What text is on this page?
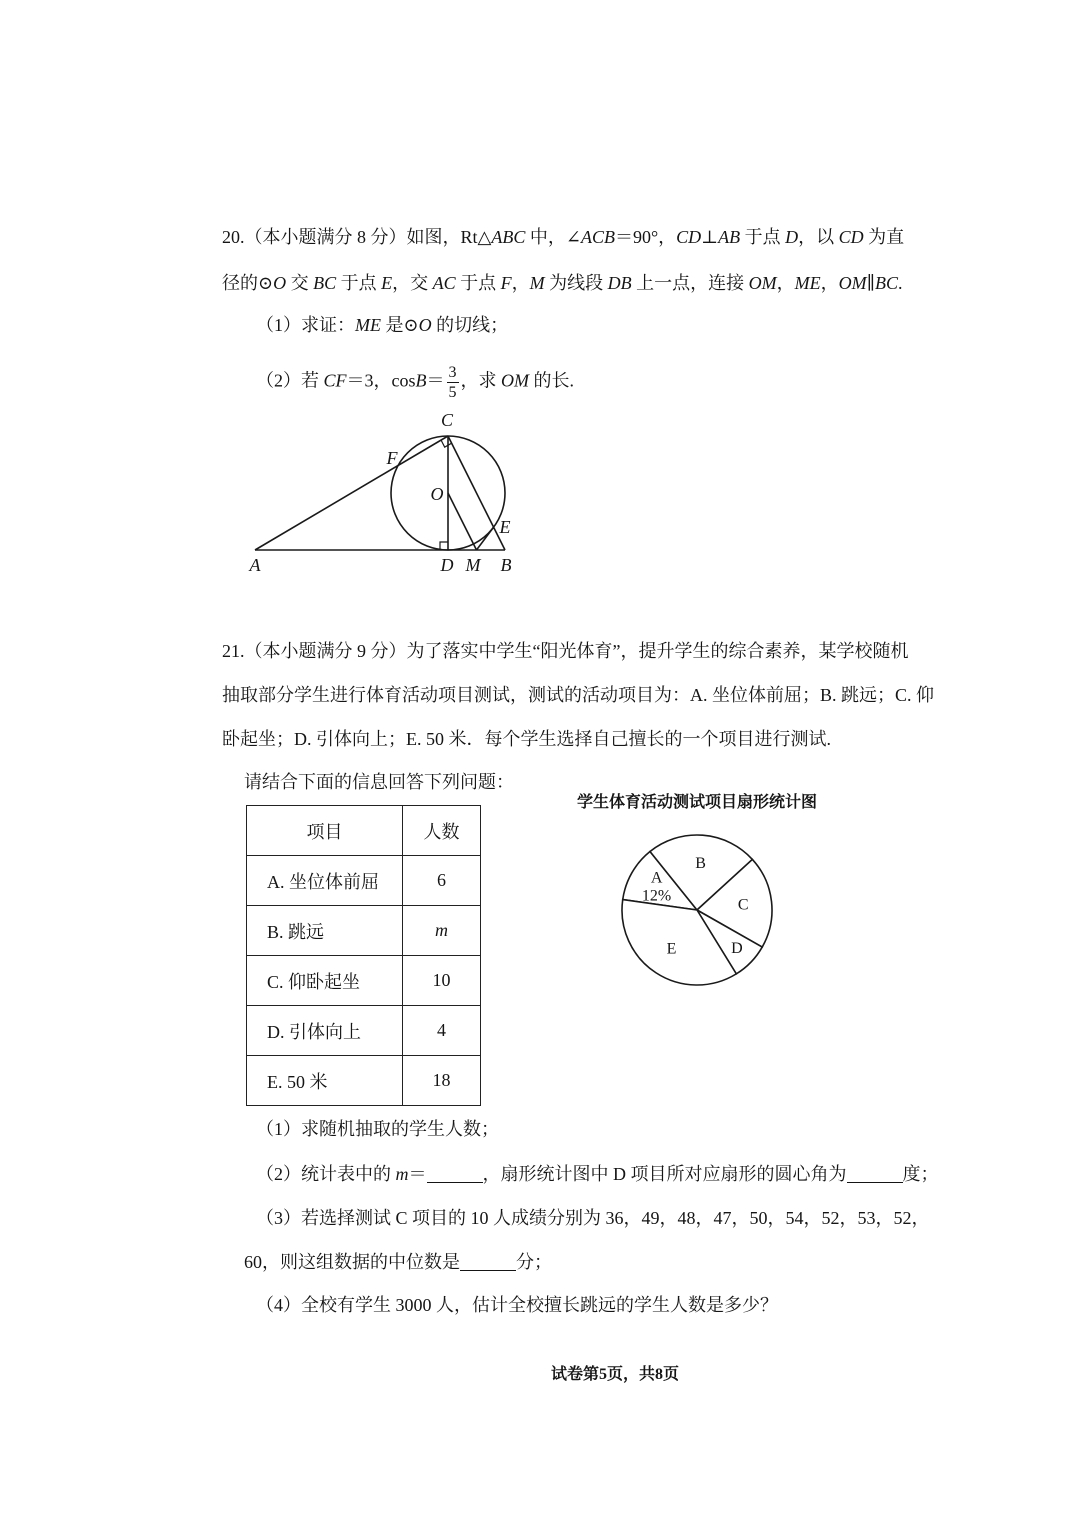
20.（本小题满分 8 分）如图，Rt△ABC 中，∠ACB＝90°，CD⊥AB 于点 D，以 CD 为直
径的⊙O 交 BC 于点 E，交 AC 于点 F，M 为线段 DB 上一点，连接 OM，ME，OM∥BC.
（1）求证：ME 是⊙O 的切线；
（2）若 CF＝3，$\cos B= \frac{3}{5}$ ，求 OM 的长.
C
F
O
E
A	D M B
21.（本小题满分 9 分）为了落实中学生“阳光体育”，提升学生的综合素养，某学校随机
抽取部分学生进行体育活动项目测试，测试的活动项目为：A. 坐位体前屈；B. 跳远；C. 仰
卧起坐；D. 引体向上；E. 50 米．每个学生选择自己擅长的一个项目进行测试.
请结合下面的信息回答下列问题：
项目	人数
A. 坐位体前屈	6
B. 跳远	m
C. 仰卧起坐	10
D. 引体向上	4
E. 50 米	18
学生体育活动测试项目扇形统计图
A
12%
B
C
D
E
（1）求随机抽取的学生人数；
（2）统计表中的 m＝	，扇形统计图中 D 项目所对应扇形的圆心角为	度；
（3）若选择测试 C 项目的 10 人成绩分别为 36，49，48，47，50，54，52，53，52，
60，则这组数据的中位数是	分；
（4）全校有学生 3000 人，估计全校擅长跳远的学生人数是多少？
试卷第5页，共8页
